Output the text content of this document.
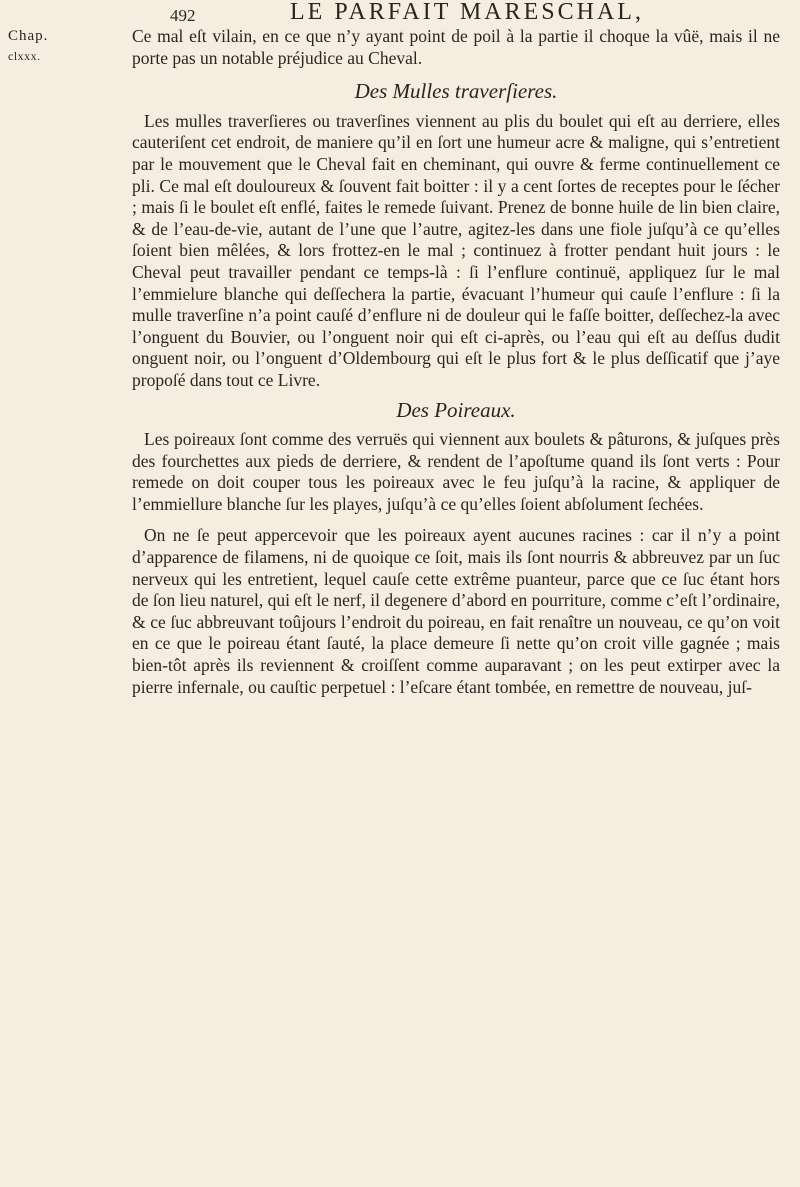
Chap.
clxxx.
492	LE PARFAIT MARESCHAL,

Ce mal eſt vilain, en ce que n’y ayant point de poil à la partie il choque la vûë, mais il ne porte pas un notable préjudice au Cheval.

Des Mulles traverſieres.

Les mulles traverſieres ou traverſines viennent au plis du boulet qui eſt au derriere, elles cauteriſent cet endroit, de maniere qu’il en ſort une humeur acre & maligne, qui s’entretient par le mouvement que le Cheval fait en cheminant, qui ouvre & ferme continuellement ce pli. Ce mal eſt douloureux & ſouvent fait boitter : il y a cent ſortes de receptes pour le ſécher ; mais ſi le boulet eſt enflé, faites le remede ſuivant. Prenez de bonne huile de lin bien claire, & de l’eau-de-vie, autant de l’une que l’autre, agitez-les dans une fiole juſqu’à ce qu’elles ſoient bien mêlées, & lors frottez-en le mal ; continuez à frotter pendant huit jours : le Cheval peut travailler pendant ce temps-là : ſi l’enflure continuë, appliquez ſur le mal l’emmielure blanche qui deſſechera la partie, évacuant l’humeur qui cauſe l’enflure : ſi la mulle traverſine n’a point cauſé d’enflure ni de douleur qui le faſſe boitter, deſſechez-la avec l’onguent du Bouvier, ou l’onguent noir qui eſt ci-après, ou l’eau qui eſt au deſſus dudit onguent noir, ou l’onguent d’Oldembourg qui eſt le plus fort & le plus deſſicatif que j’aye propoſé dans tout ce Livre.

Des Poireaux.

Les poireaux ſont comme des verruës qui viennent aux boulets & pâturons, & juſques près des fourchettes aux pieds de derriere, & rendent de l’apoſtume quand ils ſont verts : Pour remede on doit couper tous les poireaux avec le feu juſqu’à la racine, & appliquer de l’emmiellure blanche ſur les playes, juſqu’à ce qu’elles ſoient abſolument ſechées.

On ne ſe peut appercevoir que les poireaux ayent aucunes racines : car il n’y a point d’apparence de filamens, ni de quoique ce ſoit, mais ils ſont nourris & abbreuvez par un ſuc nerveux qui les entretient, lequel cauſe cette extrême puanteur, parce que ce ſuc étant hors de ſon lieu naturel, qui eſt le nerf, il degenere d’abord en pourriture, comme c’eſt l’ordinaire, & ce ſuc abbreuvant toûjours l’endroit du poireau, en fait renaître un nouveau, ce qu’on voit en ce que le poireau étant ſauté, la place demeure ſi nette qu’on croit ville gagnée ; mais bien-tôt après ils reviennent & croiſſent comme auparavant ; on les peut extirper avec la pierre infernale, ou cauſtic perpetuel : l’eſcare étant tombée, en remettre de nouveau, juſ-
